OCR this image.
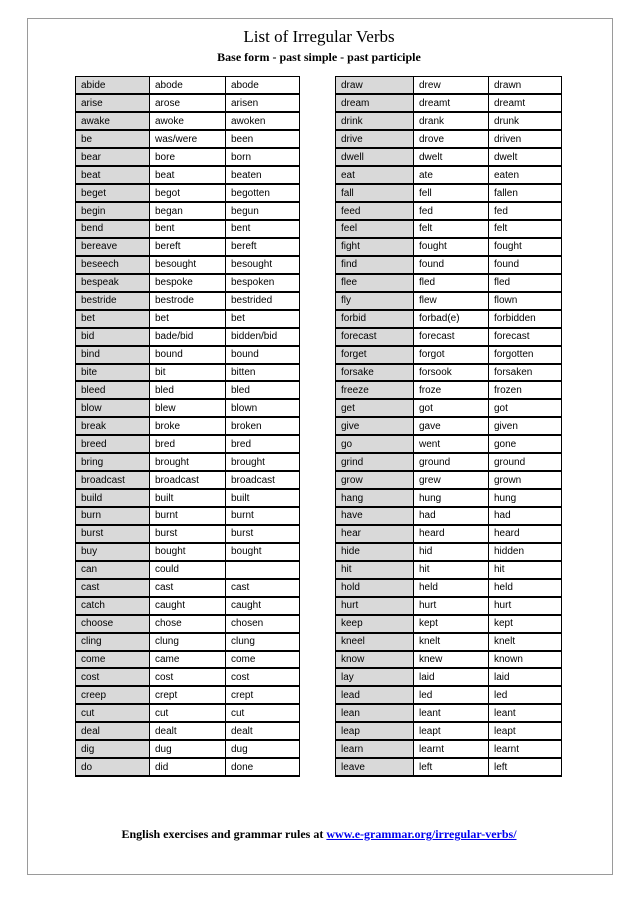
List of Irregular Verbs
Base form - past simple - past participle
abide	abode	abode
arise	arose	arisen
awake	awoke	awoken
be	was/were	been
bear	bore	born
beat	beat	beaten
beget	begot	begotten
begin	began	begun
bend	bent	bent
bereave	bereft	bereft
beseech	besought	besought
bespeak	bespoke	bespoken
bestride	bestrode	bestrided
bet	bet	bet
bid	bade/bid	bidden/bid
bind	bound	bound
bite	bit	bitten
bleed	bled	bled
blow	blew	blown
break	broke	broken
breed	bred	bred
bring	brought	brought
broadcast	broadcast	broadcast
build	built	built
burn	burnt	burnt
burst	burst	burst
buy	bought	bought
can	could	
cast	cast	cast
catch	caught	caught
choose	chose	chosen
cling	clung	clung
come	came	come
cost	cost	cost
creep	crept	crept
cut	cut	cut
deal	dealt	dealt
dig	dug	dug
do	did	done
draw	drew	drawn
dream	dreamt	dreamt
drink	drank	drunk
drive	drove	driven
dwell	dwelt	dwelt
eat	ate	eaten
fall	fell	fallen
feed	fed	fed
feel	felt	felt
fight	fought	fought
find	found	found
flee	fled	fled
fly	flew	flown
forbid	forbad(e)	forbidden
forecast	forecast	forecast
forget	forgot	forgotten
forsake	forsook	forsaken
freeze	froze	frozen
get	got	got
give	gave	given
go	went	gone
grind	ground	ground
grow	grew	grown
hang	hung	hung
have	had	had
hear	heard	heard
hide	hid	hidden
hit	hit	hit
hold	held	held
hurt	hurt	hurt
keep	kept	kept
kneel	knelt	knelt
know	knew	known
lay	laid	laid
lead	led	led
lean	leant	leant
leap	leapt	leapt
learn	learnt	learnt
leave	left	left
English exercises and grammar rules at www.e-grammar.org/irregular-verbs/
